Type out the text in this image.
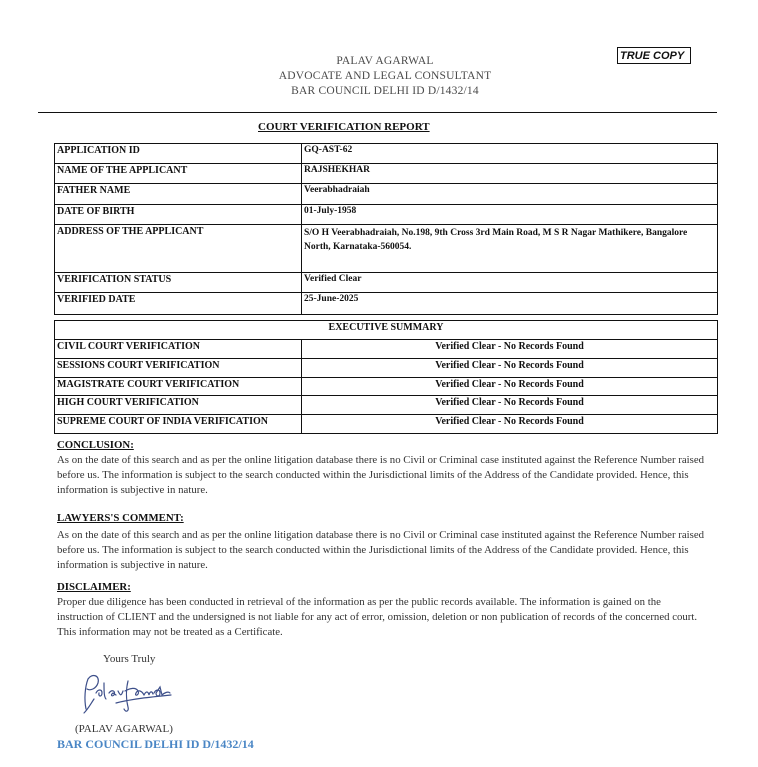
PALAV AGARWAL
ADVOCATE AND LEGAL CONSULTANT
BAR COUNCIL DELHI ID D/1432/14
TRUE COPY
COURT VERIFICATION REPORT
APPLICATION ID	GQ-AST-62
NAME OF THE APPLICANT	RAJSHEKHAR
FATHER NAME	Veerabhadraiah
DATE OF BIRTH	01-July-1958
ADDRESS OF THE APPLICANT	S/O H Veerabhadraiah, No.198, 9th Cross 3rd Main Road, M S R Nagar Mathikere, Bangalore North, Karnataka-560054.
VERIFICATION STATUS	Verified Clear
VERIFIED DATE	25-June-2025
EXECUTIVE SUMMARY	
CIVIL COURT VERIFICATION	Verified Clear - No Records Found
SESSIONS COURT VERIFICATION	Verified Clear - No Records Found
MAGISTRATE COURT VERIFICATION	Verified Clear - No Records Found
HIGH COURT VERIFICATION	Verified Clear - No Records Found
SUPREME COURT OF INDIA VERIFICATION	Verified Clear - No Records Found
CONCLUSION:
As on the date of this search and as per the online litigation database there is no Civil or Criminal case instituted against the Reference Number raised before us. The information is subject to the search conducted within the Jurisdictional limits of the Address of the Candidate provided. Hence, this information is subjective in nature.
LAWYERS'S COMMENT:
As on the date of this search and as per the online litigation database there is no Civil or Criminal case instituted against the Reference Number raised before us. The information is subject to the search conducted within the Jurisdictional limits of the Address of the Candidate provided. Hence, this information is subjective in nature.
DISCLAIMER:
Proper due diligence has been conducted in retrieval of the information as per the public records available. The information is gained on the instruction of CLIENT and the undersigned is not liable for any act of error, omission, deletion or non publication of records of the concerned court. This information may not be treated as a Certificate.
Yours Truly
(PALAV AGARWAL)
BAR COUNCIL DELHI ID D/1432/14
